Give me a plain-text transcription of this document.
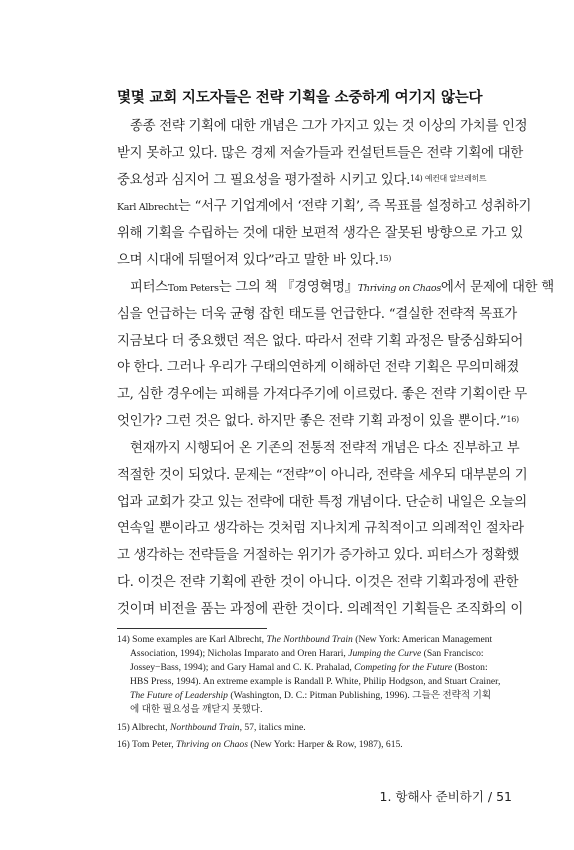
몇몇 교회 지도자들은 전략 기획을 소중하게 여기지 않는다
종종 전략 기획에 대한 개념은 그가 가지고 있는 것 이상의 가치를 인정
받지 못하고 있다. 많은 경제 저술가들과 컨설턴트들은 전략 기획에 대한
중요성과 심지어 그 필요성을 평가절하 시키고 있다.$^{14) 예컨대 알브레히트}$
Karl Albrecht는 “서구 기업계에서 ‘전략 기획’, 즉 목표를 설정하고 성취하기
위해 기획을 수립하는 것에 대한 보편적 생각은 잘못된 방향으로 가고 있
으며 시대에 뒤떨어져 있다”라고 말한 바 있다.$^{15)}$
피터스Tom Peters는 그의 책 『경영혁명』Thriving on Chaos에서 문제에 대한 핵
심을 언급하는 더욱 균형 잡힌 태도를 언급한다. “결실한 전략적 목표가
지금보다 더 중요했던 적은 없다. 따라서 전략 기획 과정은 탈중심화되어
야 한다. 그러나 우리가 구태의연하게 이해하던 전략 기획은 무의미해졌
고, 심한 경우에는 피해를 가져다주기에 이르렀다. 좋은 전략 기획이란 무
엇인가? 그런 것은 없다. 하지만 좋은 전략 기획 과정이 있을 뿐이다.”$^{16)}$
현재까지 시행되어 온 기존의 전통적 전략적 개념은 다소 진부하고 부
적절한 것이 되었다. 문제는 “전략”이 아니라, 전략을 세우되 대부분의 기
업과 교회가 갖고 있는 전략에 대한 특정 개념이다. 단순히 내일은 오늘의
연속일 뿐이라고 생각하는 것처럼 지나치게 규칙적이고 의례적인 절차라
고 생각하는 전략들을 거절하는 위기가 증가하고 있다. 피터스가 정확했
다. 이것은 전략 기획에 관한 것이 아니다. 이것은 전략 기획과정에 관한
것이며 비전을 품는 과정에 관한 것이다. 의례적인 기획들은 조직화의 이
14) Some examples are Karl Albrecht, The Northbound Train (New York: American Management
Association, 1994); Nicholas Imparato and Oren Harari, Jumping the Curve (San Francisco:
Jossey−Bass, 1994); and Gary Hamal and C. K. Prahalad, Competing for the Future (Boston:
HBS Press, 1994). An extreme example is Randall P. White, Philip Hodgson, and Stuart Crainer,
The Future of Leadership (Washington, D. C.: Pitman Publishing, 1996). 그들은 전략적 기획
에 대한 필요성을 깨닫지 못했다.
15) Albrecht, Northbound Train, 57, italics mine.
16) Tom Peter, Thriving on Chaos (New York: Harper & Row, 1987), 615.
1. 항해사 준비하기 / 51
